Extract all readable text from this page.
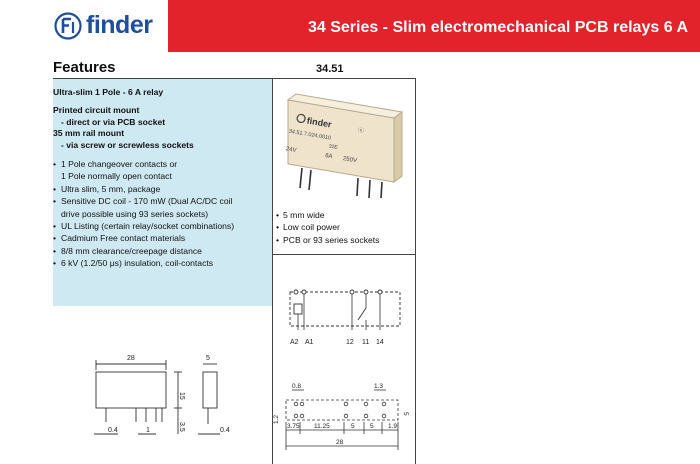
finder	34 Series - Slim electromechanical PCB relays 6 A
Features	34.51
Ultra-slim 1 Pole - 6 A relay
Printed circuit mount
- direct or via PCB socket
35 mm rail mount
- via screw or screwless sockets
• 1 Pole changeover contacts or
1 Pole normally open contact
• Ultra slim, 5 mm, package
• Sensitive DC coil - 170 mW (Dual AC/DC coil
drive possible using 93 series sockets)
• UL Listing (certain relay/socket combinations)
• Cadmium Free contact materials
• 8/8 mm clearance/creepage distance
• 6 kV (1.2/50 μs) insulation, coil-contacts
finder
ⓤ
34.51.7.024.0010
32E
24V
6A 250V
• 5 mm wide
• Low coil power
• PCB or 93 series sockets
A2 A1	12 11 14
28	5
15
3.5
0.4	1	0.4
0.8	1.3
5
1.2
3.75 11.25	5 5 1.9
28
